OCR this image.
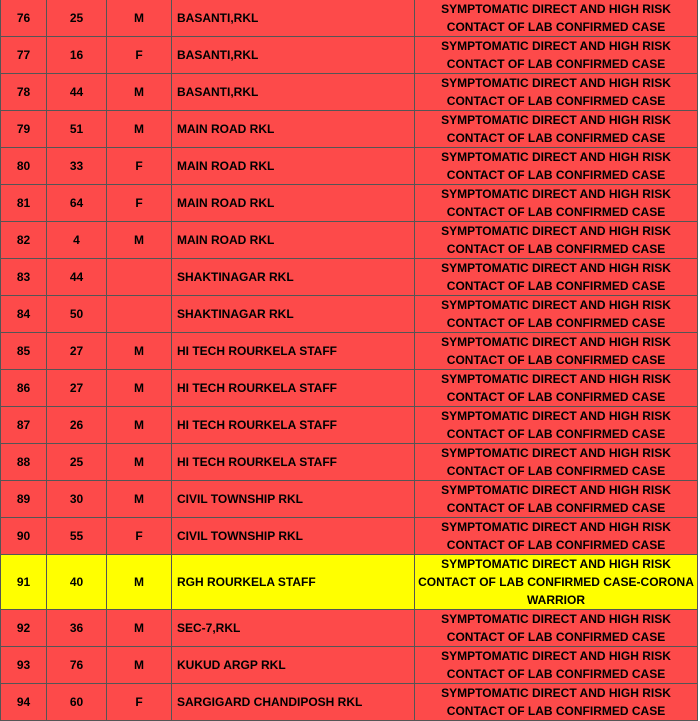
76	25	M	BASANTI,RKL	SYMPTOMATIC DIRECT AND HIGH RISK CONTACT OF LAB CONFIRMED CASE
77	16	F	BASANTI,RKL	SYMPTOMATIC DIRECT AND HIGH RISK CONTACT OF LAB CONFIRMED CASE
78	44	M	BASANTI,RKL	SYMPTOMATIC DIRECT AND HIGH RISK CONTACT OF LAB CONFIRMED CASE
79	51	M	MAIN ROAD RKL	SYMPTOMATIC DIRECT AND HIGH RISK CONTACT OF LAB CONFIRMED CASE
80	33	F	MAIN ROAD RKL	SYMPTOMATIC DIRECT AND HIGH RISK CONTACT OF LAB CONFIRMED CASE
81	64	F	MAIN ROAD RKL	SYMPTOMATIC DIRECT AND HIGH RISK CONTACT OF LAB CONFIRMED CASE
82	4	M	MAIN ROAD RKL	SYMPTOMATIC DIRECT AND HIGH RISK CONTACT OF LAB CONFIRMED CASE
83	44		SHAKTINAGAR RKL	SYMPTOMATIC DIRECT AND HIGH RISK CONTACT OF LAB CONFIRMED CASE
84	50		SHAKTINAGAR RKL	SYMPTOMATIC DIRECT AND HIGH RISK CONTACT OF LAB CONFIRMED CASE
85	27	M	HI TECH ROURKELA STAFF	SYMPTOMATIC DIRECT AND HIGH RISK CONTACT OF LAB CONFIRMED CASE
86	27	M	HI TECH ROURKELA STAFF	SYMPTOMATIC DIRECT AND HIGH RISK CONTACT OF LAB CONFIRMED CASE
87	26	M	HI TECH ROURKELA STAFF	SYMPTOMATIC DIRECT AND HIGH RISK CONTACT OF LAB CONFIRMED CASE
88	25	M	HI TECH ROURKELA STAFF	SYMPTOMATIC DIRECT AND HIGH RISK CONTACT OF LAB CONFIRMED CASE
89	30	M	CIVIL TOWNSHIP RKL	SYMPTOMATIC DIRECT AND HIGH RISK CONTACT OF LAB CONFIRMED CASE
90	55	F	CIVIL TOWNSHIP RKL	SYMPTOMATIC DIRECT AND HIGH RISK CONTACT OF LAB CONFIRMED CASE
91	40	M	RGH ROURKELA STAFF	SYMPTOMATIC DIRECT AND HIGH RISK CONTACT OF LAB CONFIRMED CASE-CORONA WARRIOR
92	36	M	SEC-7,RKL	SYMPTOMATIC DIRECT AND HIGH RISK CONTACT OF LAB CONFIRMED CASE
93	76	M	KUKUD ARGP RKL	SYMPTOMATIC DIRECT AND HIGH RISK CONTACT OF LAB CONFIRMED CASE
94	60	F	SARGIGARD CHANDIPOSH RKL	SYMPTOMATIC DIRECT AND HIGH RISK CONTACT OF LAB CONFIRMED CASE
